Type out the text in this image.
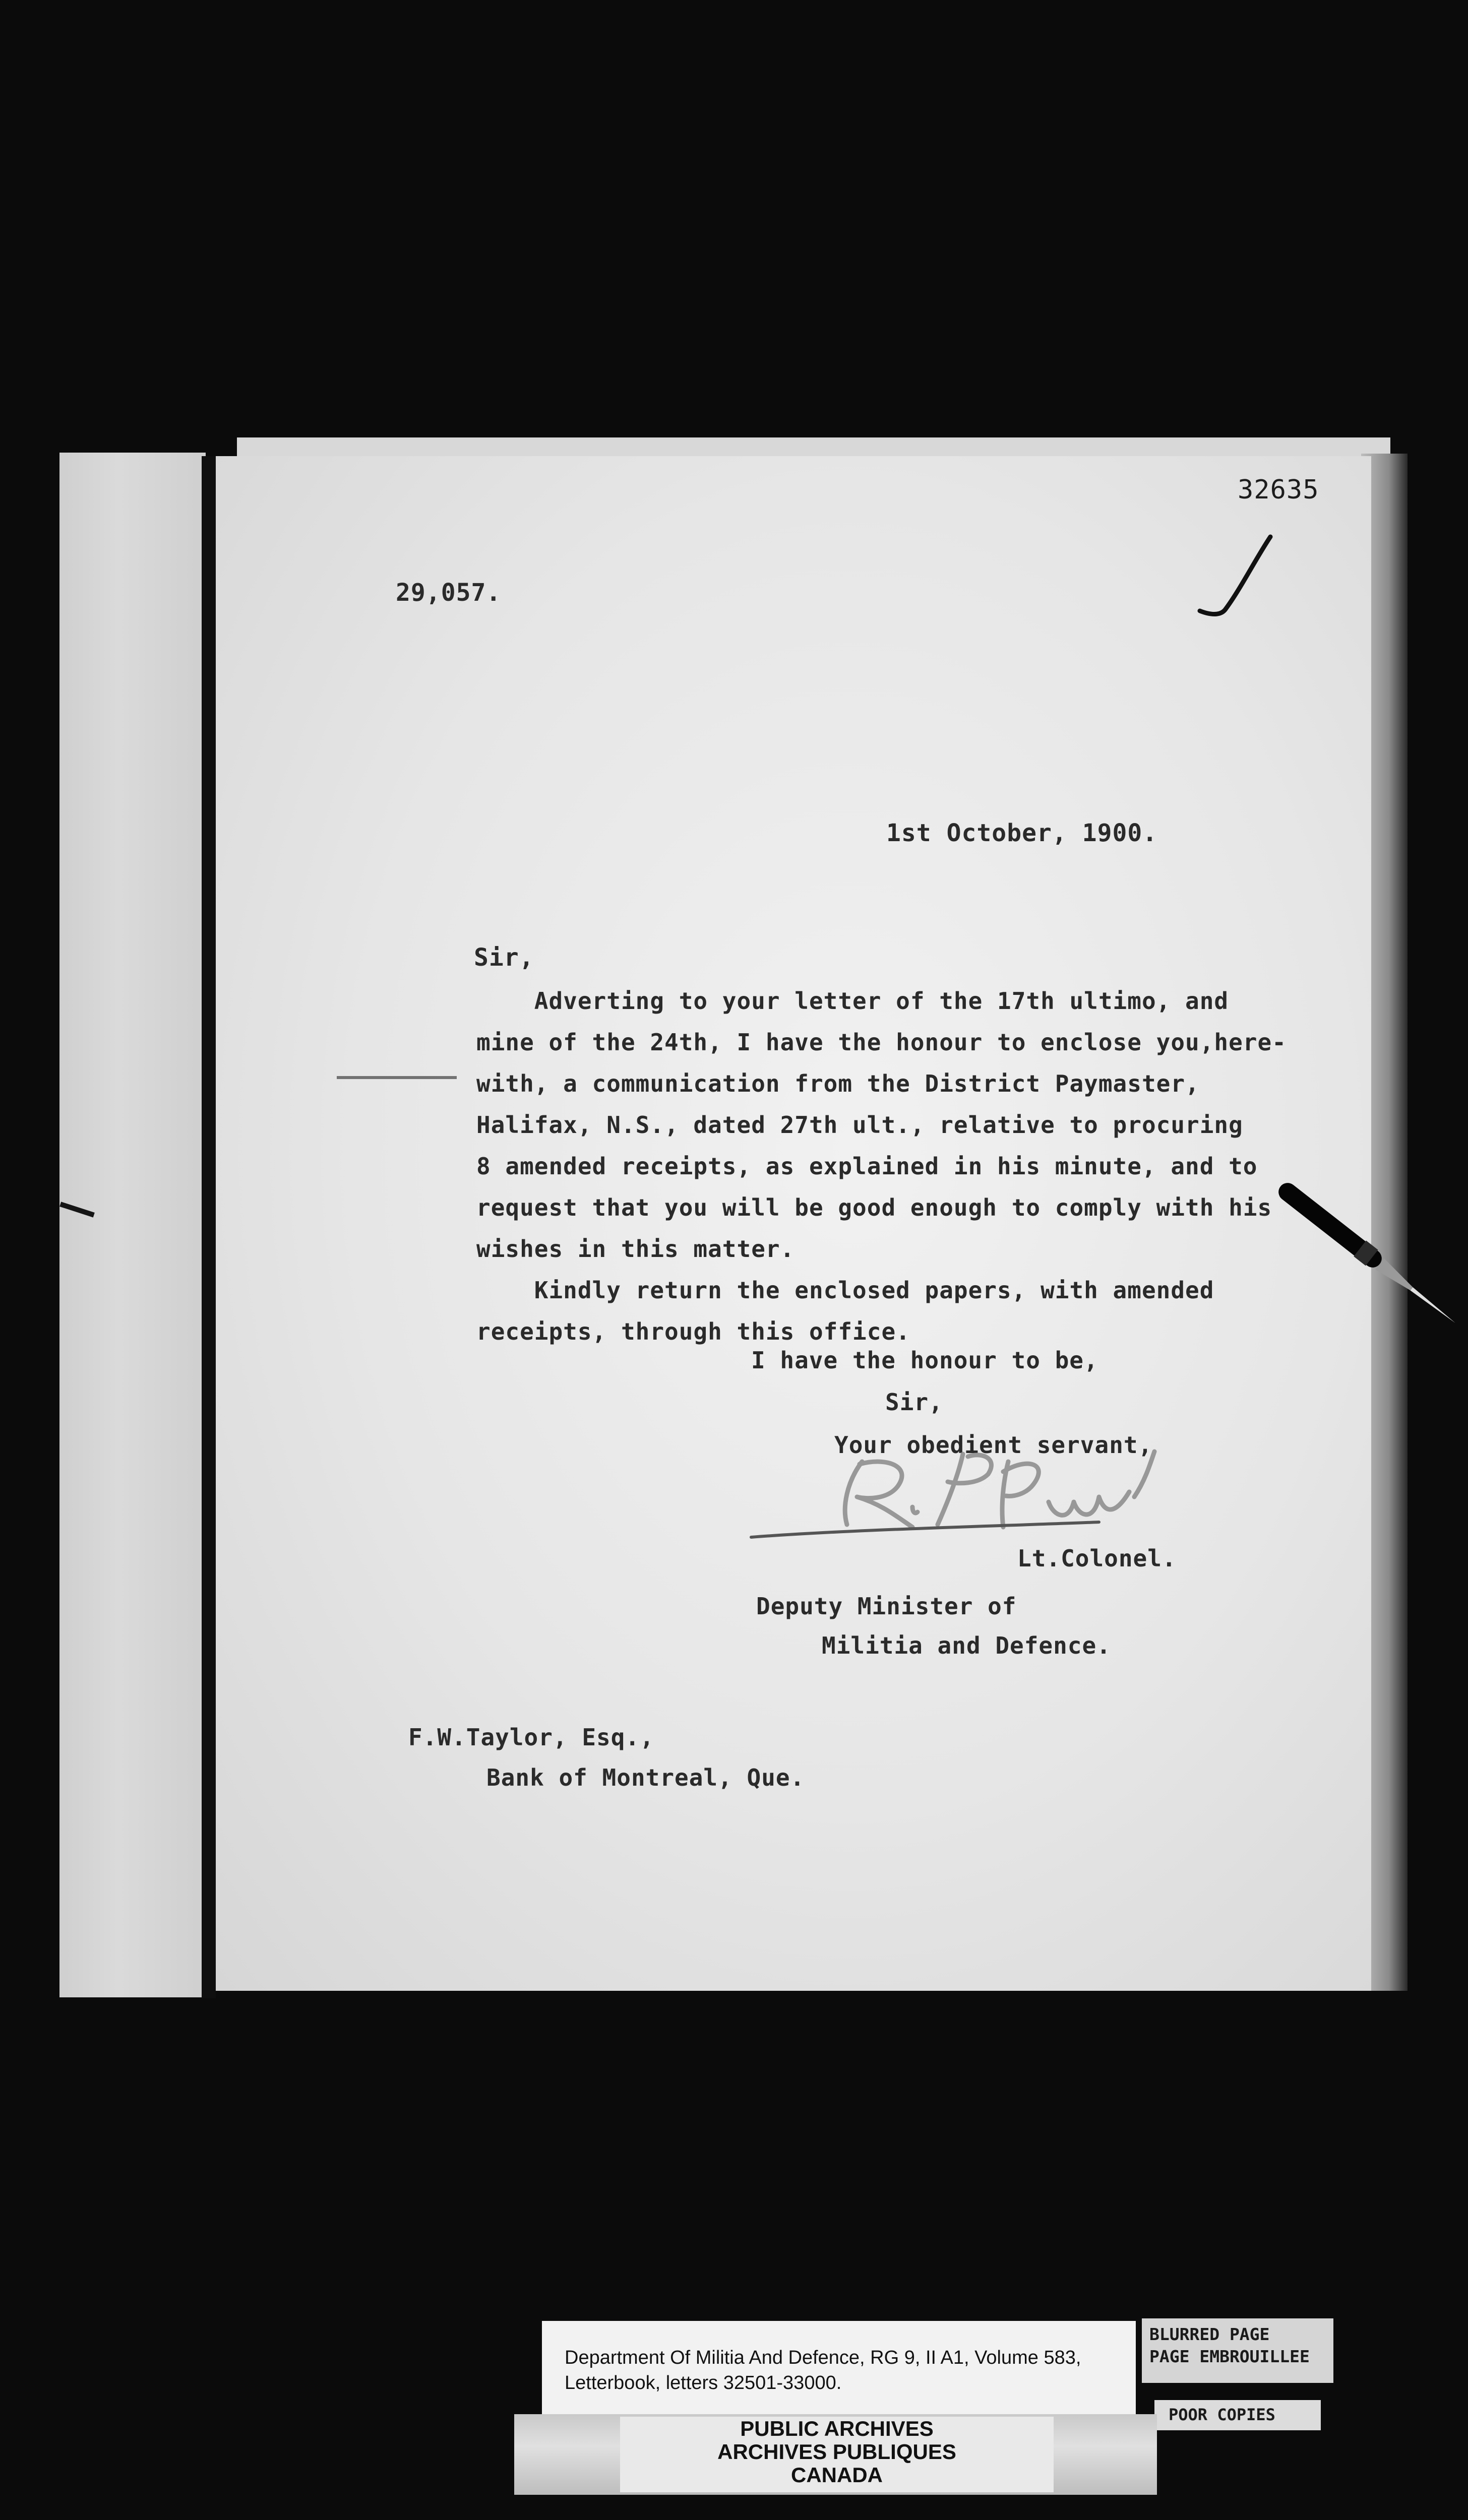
32635
29,057.
1st October, 1900.
Sir,
Adverting to your letter of the 17th ultimo, and
mine of the 24th, I have the honour to enclose you,here-
with, a communication from the District Paymaster,
Halifax, N.S., dated 27th ult., relative to procuring
8 amended receipts, as explained in his minute, and to
request that you will be good enough to comply with his
wishes in this matter.
Kindly return the enclosed papers, with amended
receipts, through this office.
I have the honour to be,
Sir,
Your obedient servant,
Lt.Colonel.
Deputy Minister of
Militia and Defence.
F.W.Taylor, Esq.,
Bank of Montreal, Que.
Department Of Militia And Defence, RG 9, II A1, Volume 583,
Letterbook, letters 32501-33000.
BLURRED PAGE
PAGE EMBROUILLEE
POOR COPIES
PUBLIC ARCHIVES
ARCHIVES PUBLIQUES
CANADA
